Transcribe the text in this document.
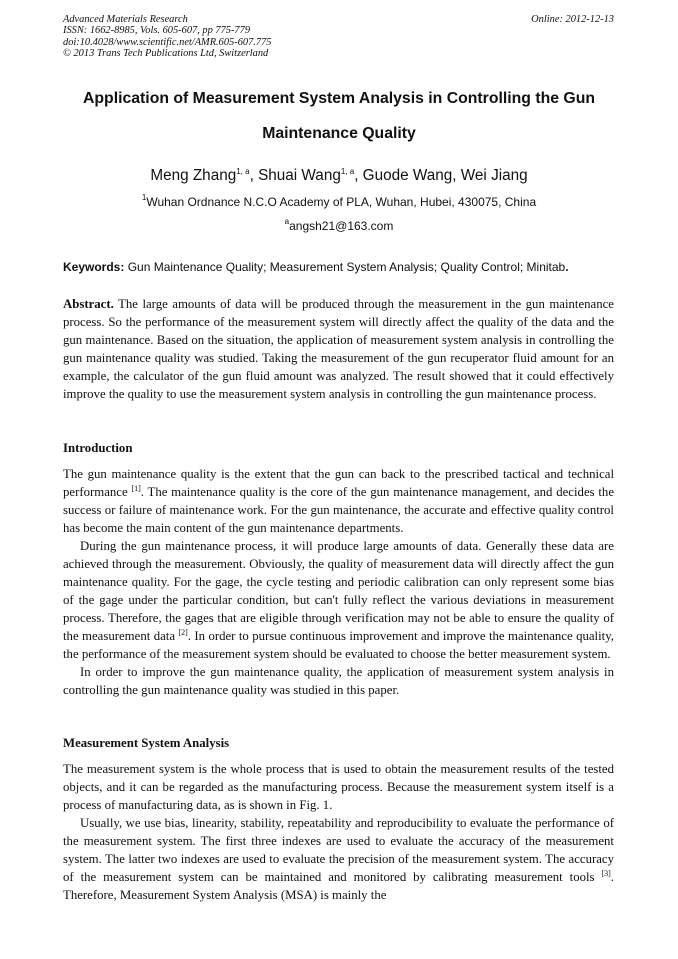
Advanced Materials Research
ISSN: 1662-8985, Vols. 605-607, pp 775-779
doi:10.4028/www.scientific.net/AMR.605-607.775
© 2013 Trans Tech Publications Ltd, Switzerland
Online: 2012-12-13
Application of Measurement System Analysis in Controlling the Gun
Maintenance Quality
Meng Zhang$^{1, a}$, Shuai Wang$^{1, a}$, Guode Wang, Wei Jiang
$^1$Wuhan Ordnance N.C.O Academy of PLA, Wuhan, Hubei, 430075, China
$^a$angsh21@163.com
Keywords: Gun Maintenance Quality; Measurement System Analysis; Quality Control; Minitab.

Abstract. The large amounts of data will be produced through the measurement in the gun maintenance process. So the performance of the measurement system will directly affect the quality of the data and the gun maintenance. Based on the situation, the application of measurement system analysis in controlling the gun maintenance quality was studied. Taking the measurement of the gun recuperator fluid amount for an example, the calculator of the gun fluid amount was analyzed. The result showed that it could effectively improve the quality to use the measurement system analysis in controlling the gun maintenance process.

Introduction

The gun maintenance quality is the extent that the gun can back to the prescribed tactical and technical performance [1]. The maintenance quality is the core of the gun maintenance management, and decides the success or failure of maintenance work. For the gun maintenance, the accurate and effective quality control has become the main content of the gun maintenance departments.

During the gun maintenance process, it will produce large amounts of data. Generally these data are achieved through the measurement. Obviously, the quality of measurement data will directly affect the gun maintenance quality. For the gage, the cycle testing and periodic calibration can only represent some bias of the gage under the particular condition, but can't fully reflect the various deviations in measurement process. Therefore, the gages that are eligible through verification may not be able to ensure the quality of the measurement data [2]. In order to pursue continuous improvement and improve the maintenance quality, the performance of the measurement system should be evaluated to choose the better measurement system.

In order to improve the gun maintenance quality, the application of measurement system analysis in controlling the gun maintenance quality was studied in this paper.

Measurement System Analysis

The measurement system is the whole process that is used to obtain the measurement results of the tested objects, and it can be regarded as the manufacturing process. Because the measurement system itself is a process of manufacturing data, as is shown in Fig. 1.

Usually, we use bias, linearity, stability, repeatability and reproducibility to evaluate the performance of the measurement system. The first three indexes are used to evaluate the accuracy of the measurement system. The latter two indexes are used to evaluate the precision of the measurement system. The accuracy of the measurement system can be maintained and monitored by calibrating measurement tools [3]. Therefore, Measurement System Analysis (MSA) is mainly the
